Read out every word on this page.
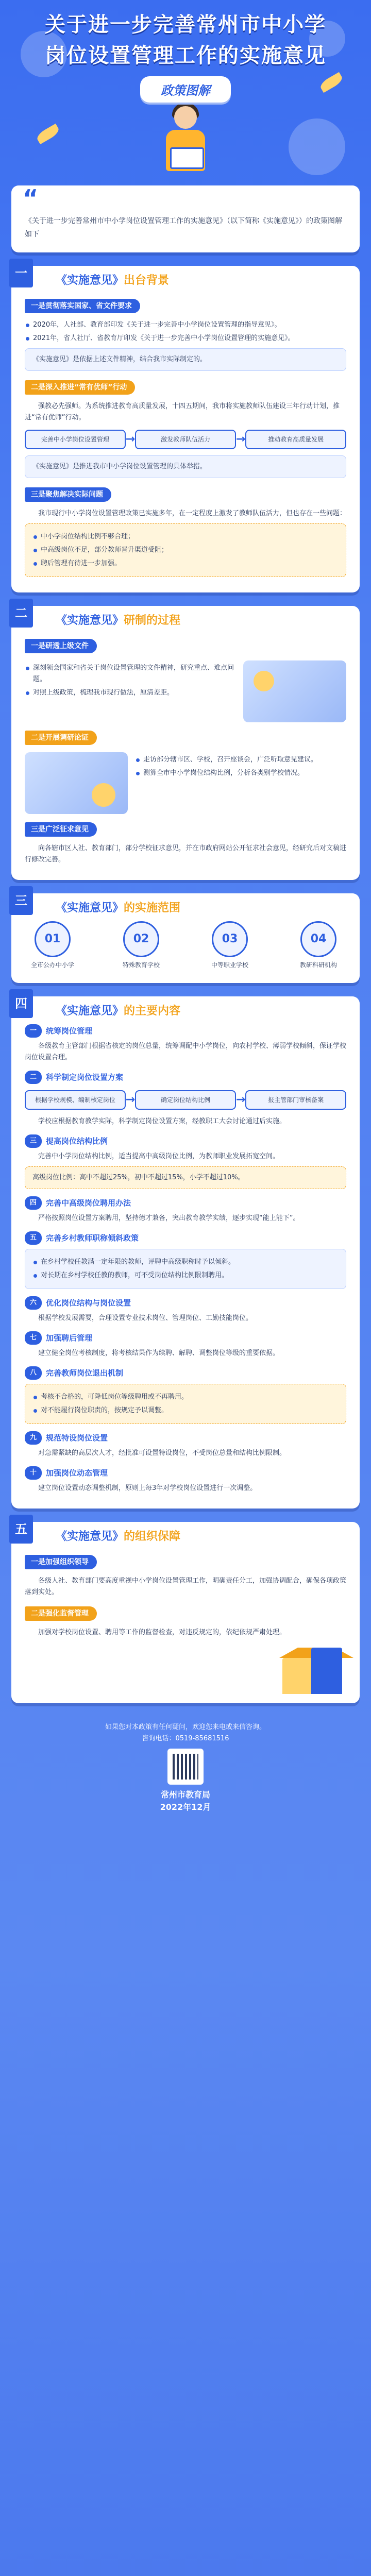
关于进一步完善常州市中小学
岗位设置管理工作的实施意见
政策图解
“
《关于进一步完善常州市中小学岗位设置管理工作的实施意见》（以下简称《实施意见》）的政策图解如下
一
《实施意见》出台背景
一是贯彻落实国家、省文件要求
2020年，人社部、教育部印发《关于进一步完善中小学岗位设置管理的指导意见》。
2021年，省人社厅、省教育厅印发《关于进一步完善中小学岗位设置管理的实施意见》。
《实施意见》是依据上述文件精神，结合我市实际制定的。
二是深入推进“常有优师”行动
强教必先强师。为系统推进教育高质量发展，十四五期间，我市将实施教师队伍建设三年行动计划，推进“常有优师”行动。
完善中小学岗位设置管理	→	激发教师队伍活力	→	推动教育高质量发展
《实施意见》是推进我市中小学岗位设置管理的具体举措。
三是聚焦解决实际问题
我市现行中小学岗位设置管理政策已实施多年，在一定程度上激发了教师队伍活力，但也存在一些问题：
中小学岗位结构比例不够合理；
中高级岗位不足，部分教师晋升渠道受阻；
聘后管理有待进一步加强。
二
《实施意见》研制的过程
一是研透上级文件
深刻领会国家和省关于岗位设置管理的文件精神，研究重点、难点问题。
对照上级政策，梳理我市现行做法，厘清差距。
二是开展调研论证
走访部分辖市区、学校，召开座谈会，广泛听取意见建议。
测算全市中小学岗位结构比例，分析各类别学校情况。
三是广泛征求意见
向各辖市区人社、教育部门，部分学校征求意见，并在市政府网站公开征求社会意见，经研究后对文稿进行修改完善。
三
《实施意见》的实施范围
01
全市公办中小学
02
特殊教育学校
03
中等职业学校
04
教研科研机构
四
《实施意见》的主要内容
一	统筹岗位管理
各级教育主管部门根据省核定的岗位总量，统筹调配中小学岗位，向农村学校、薄弱学校倾斜，保证学校岗位设置合理。
二	科学制定岗位设置方案
根据学校规模、编制核定岗位 →	确定岗位结构比例	→	报主管部门审核备案
学校应根据教育教学实际，科学制定岗位设置方案，经教职工大会讨论通过后实施。
三	提高岗位结构比例
完善中小学岗位结构比例，适当提高中高级岗位比例，为教师职业发展拓宽空间。
高级岗位比例：高中不超过25%，初中不超过15%，小学不超过10%。
四	完善中高级岗位聘用办法
严格按照岗位设置方案聘用，坚持德才兼备，突出教育教学实绩，逐步实现“能上能下”。
五	完善乡村教师职称倾斜政策
在乡村学校任教满一定年限的教师，评聘中高级职称时予以倾斜。
对长期在乡村学校任教的教师，可不受岗位结构比例限制聘用。
六	优化岗位结构与岗位设置
根据学校发展需要，合理设置专业技术岗位、管理岗位、工勤技能岗位。
七	加强聘后管理
建立健全岗位考核制度，将考核结果作为续聘、解聘、调整岗位等级的重要依据。
八	完善教师岗位退出机制
考核不合格的，可降低岗位等级聘用或不再聘用。
对不能履行岗位职责的，按规定予以调整。
九	规范特设岗位设置
对急需紧缺的高层次人才，经批准可设置特设岗位，不受岗位总量和结构比例限制。
十	加强岗位动态管理
建立岗位设置动态调整机制，原则上每3年对学校岗位设置进行一次调整。
五
《实施意见》的组织保障
一是加强组织领导
各级人社、教育部门要高度重视中小学岗位设置管理工作，明确责任分工，加强协调配合，确保各项政策落到实处。
二是强化监督管理
加强对学校岗位设置、聘用等工作的监督检查，对违反规定的，依纪依规严肃处理。
如果您对本政策有任何疑问，欢迎您来电或来信咨询。
咨询电话：0519-85681516
常州市教育局
2022年12月
